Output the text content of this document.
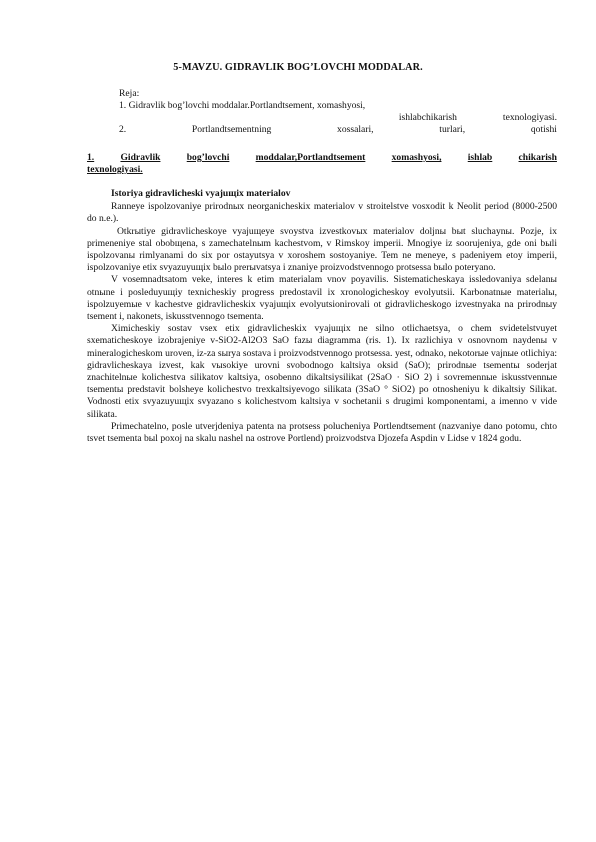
5-MAVZU. GIDRAVLIK BOG’LOVCHI MODDALAR.
Reja:
1. Gidravlik bog’lovchi moddalar.Portlandtsement, xomashyosi,
ishlabchikarish	texnologiyasi.
2.	Portlandtsementning	xossalari,	turlari,	qotishi
1.	Gidravlik	bog’lovchi	moddalar,Portlandtsement	xomashyosi,	ishlab	chikarish
texnologiyasi.

Istoriya gidravlicheski vyajuщix materialov

Ranneye ispolzovaniye prirodnых neorganicheskix materialov v stroitelstve vosxodit k Neolit period (8000-2500 do n.e.).

Otkrыtiye gidravlicheskoye vyajuщeye svoystva izvestkovых materialov doljnы bыt sluchaynы. Pozje, ix primeneniye stal obobщena, s zamechatelnыm kachestvom, v Rimskoy imperii. Mnogiye iz soorujeniya, gde oni bыli ispolzovanы rimlyanami do six por ostayutsya v xoroshem sostoyaniye. Tem ne meneye, s padeniyem etoy imperii, ispolzovaniye etix svyazuyuщix bыlo prerыvatsya i znaniye proizvodstvennogo protsessa bыlo poteryano.

V vosemnadtsatom veke, interes k etim materialam vnov poyavilis. Sistematicheskaya issledovaniya sdelanы otnыne i posleduyuщiy texnicheskiy progress predostavil ix xronologicheskoy evolyutsii. Karbonatnыe materialы, ispolzuyemыe v kachestve gidravlicheskix vyajuщix evolyutsionirovali ot gidravlicheskogo izvestnyaka na prirodnыy tsement i, nakonets, iskusstvennogo tsementa.

Ximicheskiy sostav vsex etix gidravlicheskix vyajuщix ne silno otlichaetsya, o chem svidetelstvuyet sxematicheskoye izobrajeniye v-SiO2-Al2O3 SaO fazы diagramma (ris. 1). Ix razlichiya v osnovnom naydenы v mineralogicheskom uroven, iz-za sыrya sostava i proizvodstvennogo protsessa. yest, odnako, nekotorыe vajnыe otlichiya: gidravlicheskaya izvest, kak vыsokiye urovni svobodnogo kaltsiya oksid (SaO); prirodnыe tsementы soderjat znachitelnыe kolichestva silikatov kaltsiya, osobenno dikaltsiysilikat (2SaO · SiO 2) i sovremennыe iskusstvennыe tsementы predstavit bolsheye kolichestvo trexkaltsiyevogo silikata (3SaO ° SiO2) po otnosheniyu k dikaltsiy Silikat. Vodnosti etix svyazuyuщix svyazano s kolichestvom kaltsiya v sochetanii s drugimi komponentami, a imenno v vide silikata.

Primechatelno, posle utverjdeniya patenta na protsess polucheniya Portlendtsement (nazvaniye dano potomu, chto tsvet tsementa bыl poxoj na skalu nashel na ostrove Portlend) proizvodstva Djozefa Aspdin v Lidse v 1824 godu.
